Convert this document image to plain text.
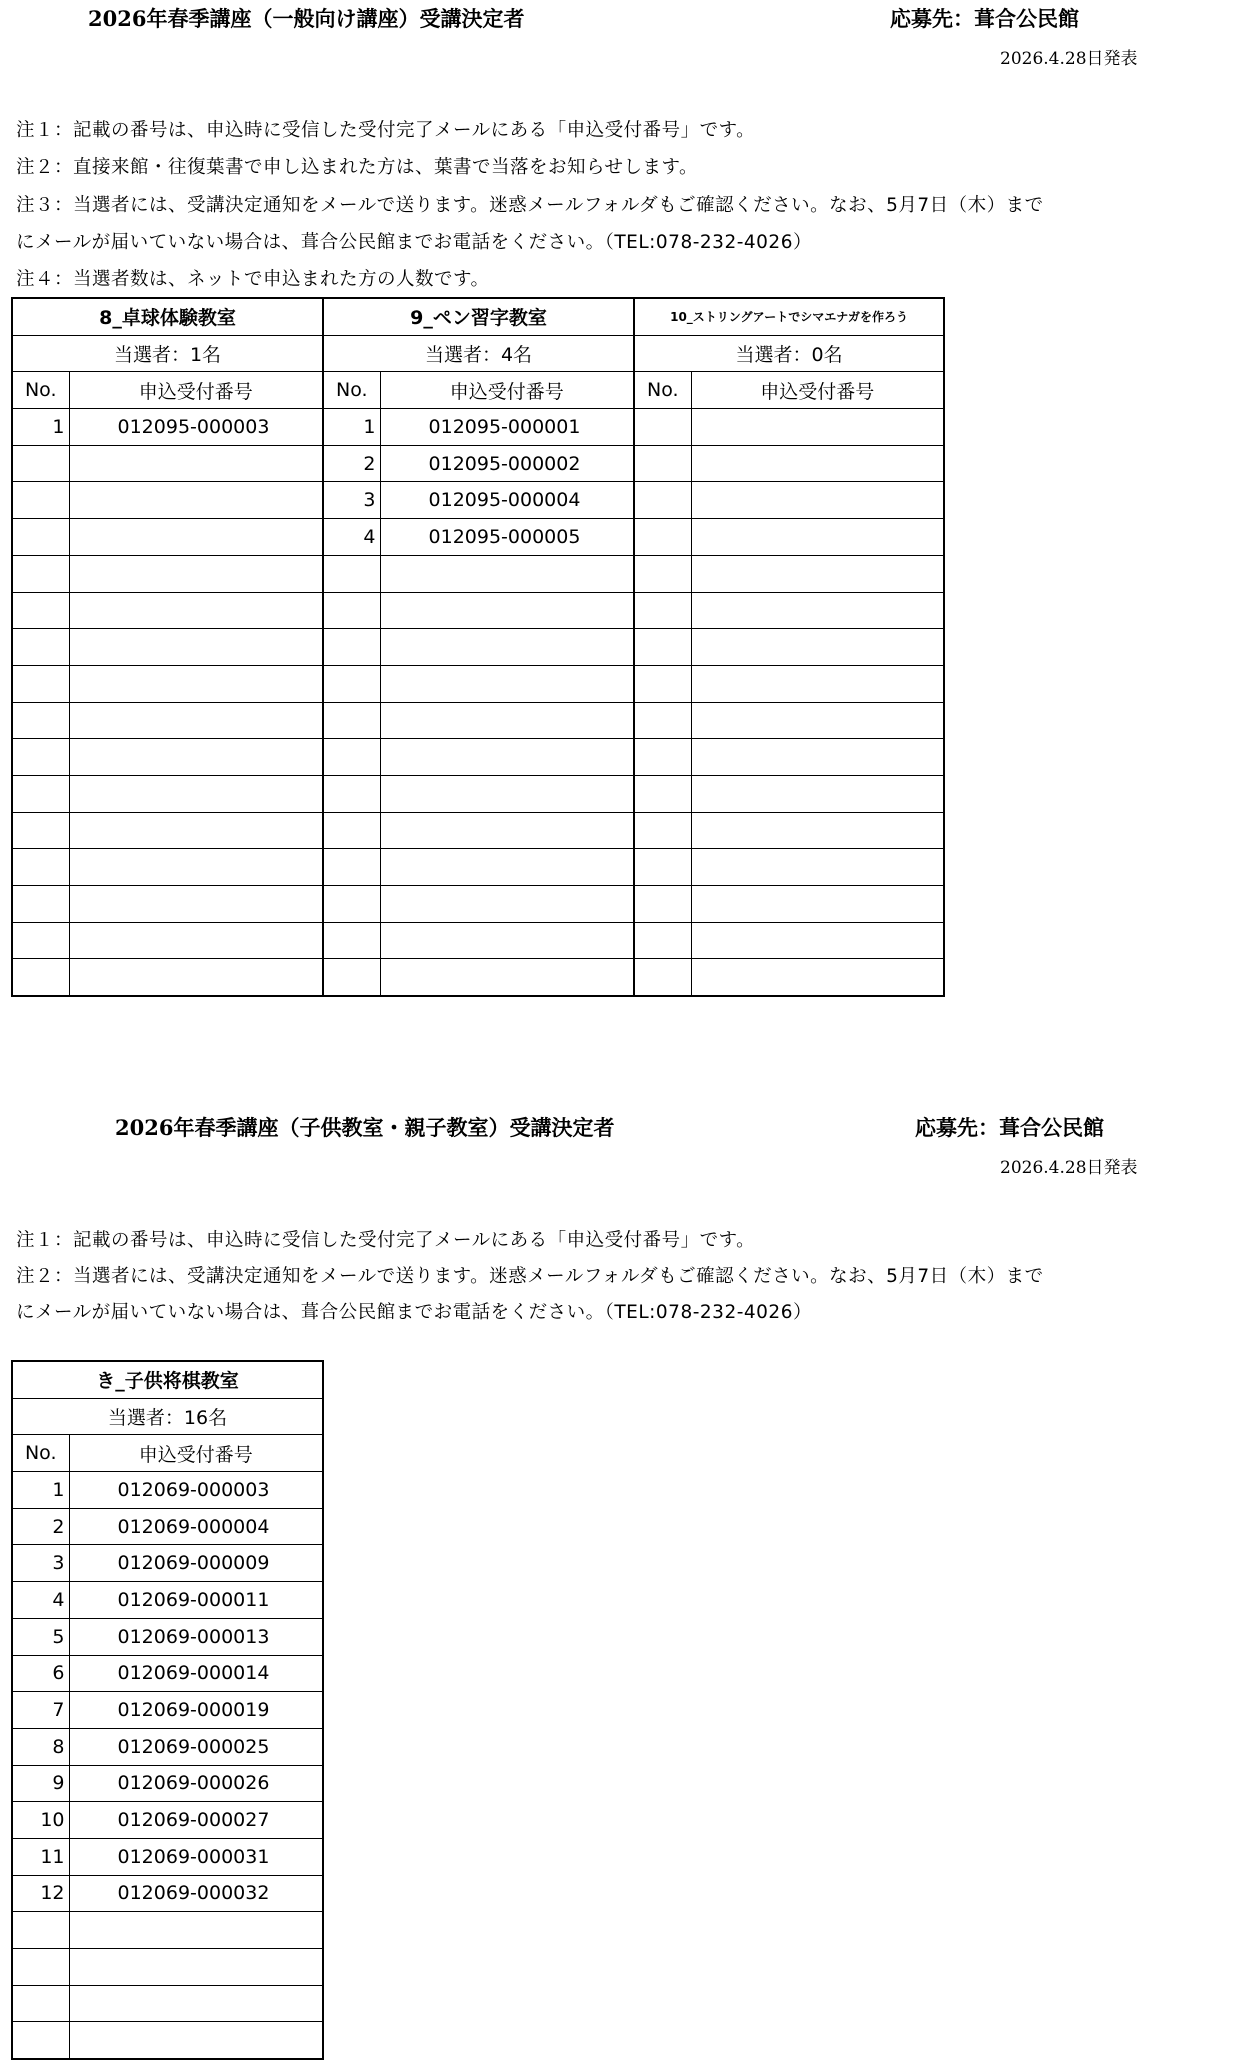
2026年春季講座（一般向け講座）受講決定者	応募先：葺合公民館
2026.4.28日発表
注１：記載の番号は、申込時に受信した受付完了メールにある「申込受付番号」です。
注２：直接来館・往復葉書で申し込まれた方は、葉書で当落をお知らせします。
注３：当選者には、受講決定通知をメールで送ります。迷惑メールフォルダもご確認ください。なお、5月7日（木）まで
にメールが届いていない場合は、葺合公民館までお電話をください。（TEL:078-232-4026）
注４：当選者数は、ネットで申込まれた方の人数です。
8_卓球体験教室		9_ペン習字教室		10_ストリングアートでシマエナガを作ろう	
当選者：1名		当選者：4名		当選者：0名	
No.	申込受付番号	No.	申込受付番号	No.	申込受付番号
1	012095-000003	1	012095-000001		
		2	012095-000002		
		3	012095-000004		
		4	012095-000005		

2026年春季講座（子供教室・親子教室）受講決定者	応募先：葺合公民館
2026.4.28日発表
注１：記載の番号は、申込時に受信した受付完了メールにある「申込受付番号」です。
注２：当選者には、受講決定通知をメールで送ります。迷惑メールフォルダもご確認ください。なお、5月7日（木）まで
にメールが届いていない場合は、葺合公民館までお電話をください。（TEL:078-232-4026）
き_子供将棋教室	
当選者：16名	
No.	申込受付番号
1	012069-000003
2	012069-000004
3	012069-000009
4	012069-000011
5	012069-000013
6	012069-000014
7	012069-000019
8	012069-000025
9	012069-000026
10	012069-000027
11	012069-000031
12	012069-000032
